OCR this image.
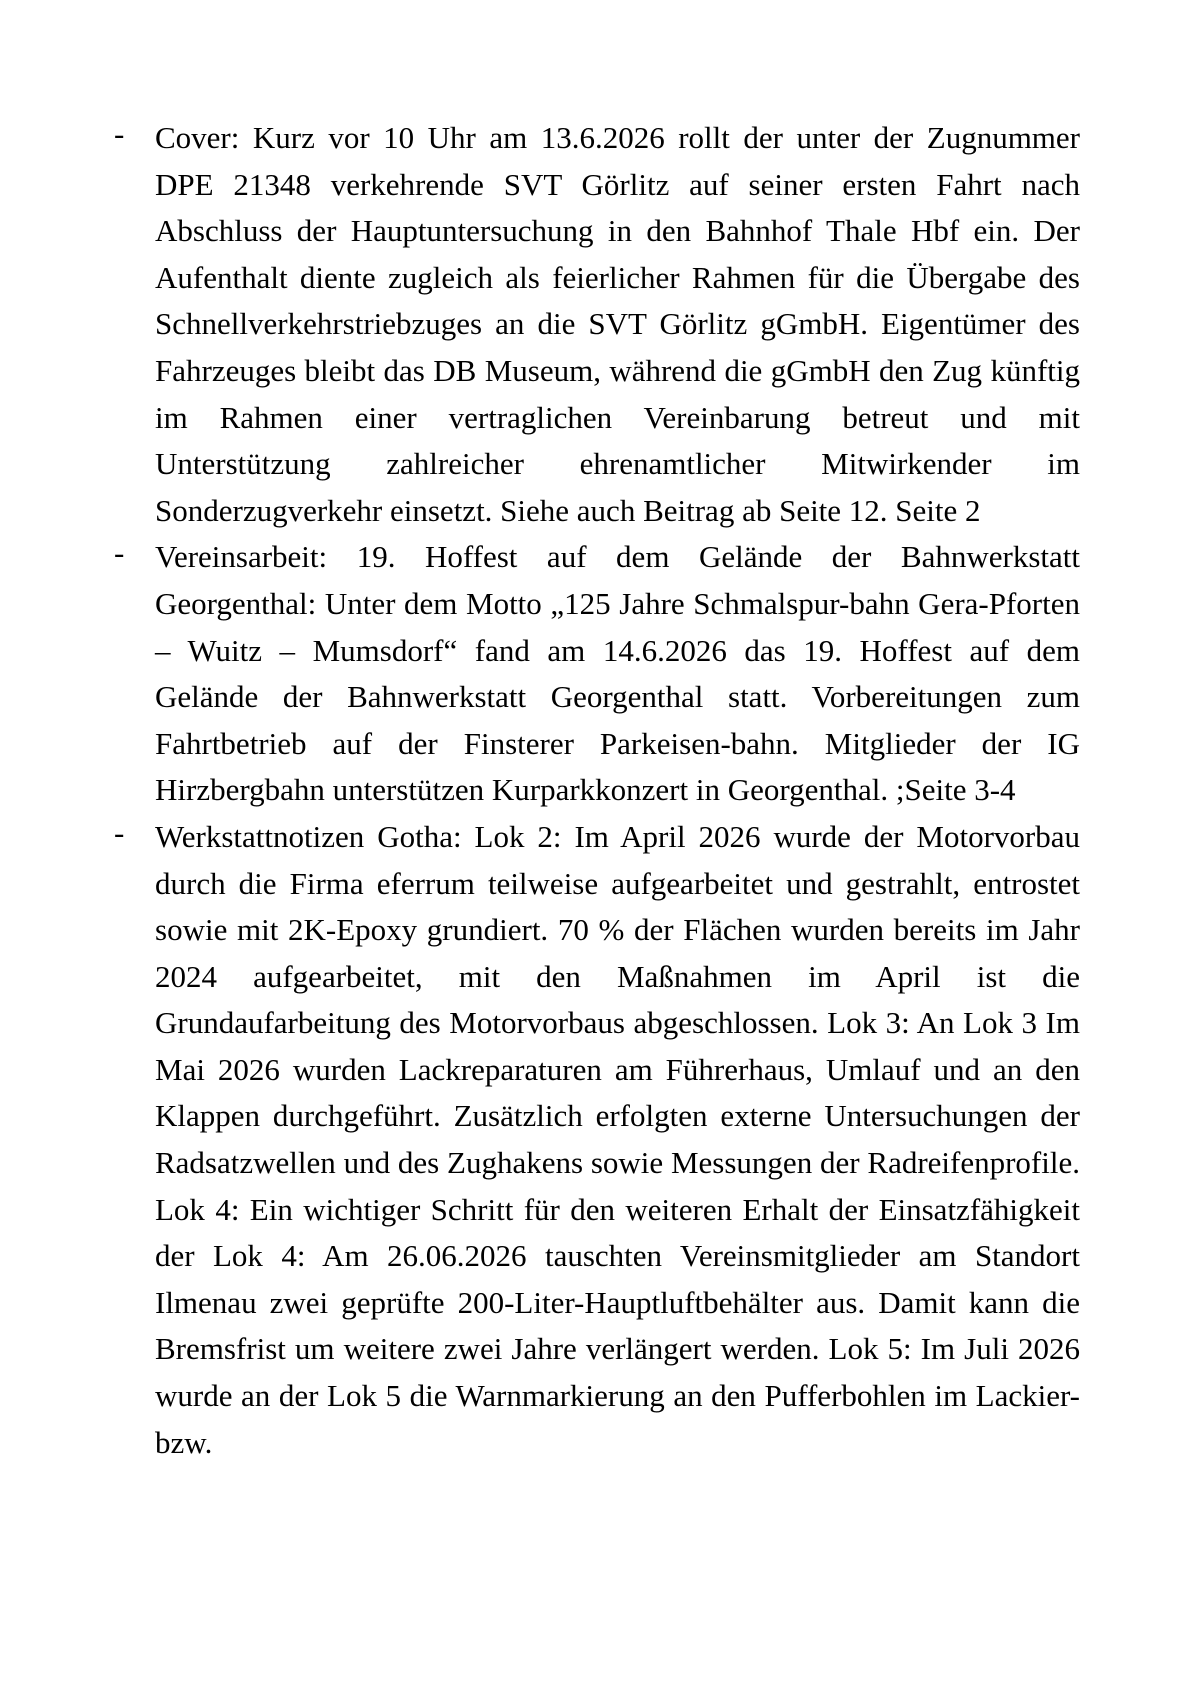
- Cover: Kurz vor 10 Uhr am 13.6.2026 rollt der unter der Zugnummer DPE 21348 verkehrende SVT Görlitz auf seiner ersten Fahrt nach Abschluss der Hauptuntersuchung in den Bahnhof Thale Hbf ein. Der Aufenthalt diente zugleich als feierlicher Rahmen für die Übergabe des Schnellverkehrstriebzuges an die SVT Görlitz gGmbH. Eigentümer des Fahrzeuges bleibt das DB Museum, während die gGmbH den Zug künftig im Rahmen einer vertraglichen Vereinbarung betreut und mit Unterstützung zahlreicher ehrenamtlicher Mitwirkender im Sonderzugverkehr einsetzt. Siehe auch Beitrag ab Seite 12. Seite 2
- Vereinsarbeit: 19. Hoffest auf dem Gelände der Bahnwerkstatt Georgenthal: Unter dem Motto „125 Jahre Schmalspur-bahn Gera-Pforten – Wuitz – Mumsdorf“ fand am 14.6.2026 das 19. Hoffest auf dem Gelände der Bahnwerkstatt Georgenthal statt. Vorbereitungen zum Fahrtbetrieb auf der Finsterer Parkeisen-bahn. Mitglieder der IG Hirzbergbahn unterstützen Kurparkkonzert in Georgenthal. ;Seite 3-4
- Werkstattnotizen Gotha: Lok 2: Im April 2026 wurde der Motorvorbau durch die Firma eferrum teilweise aufgearbeitet und gestrahlt, entrostet sowie mit 2K-Epoxy grundiert. 70 % der Flächen wurden bereits im Jahr 2024 aufgearbeitet, mit den Maßnahmen im April ist die Grundaufarbeitung des Motorvorbaus abgeschlossen. Lok 3: An Lok 3 Im Mai 2026 wurden Lackreparaturen am Führerhaus, Umlauf und an den Klappen durchgeführt. Zusätzlich erfolgten externe Untersuchungen der Radsatzwellen und des Zughakens sowie Messungen der Radreifenprofile. Lok 4: Ein wichtiger Schritt für den weiteren Erhalt der Einsatzfähigkeit der Lok 4: Am 26.06.2026 tauschten Vereinsmitglieder am Standort Ilmenau zwei geprüfte 200-Liter-Hauptluftbehälter aus. Damit kann die Bremsfrist um weitere zwei Jahre verlängert werden. Lok 5: Im Juli 2026 wurde an der Lok 5 die Warnmarkierung an den Pufferbohlen im Lackier- bzw.
